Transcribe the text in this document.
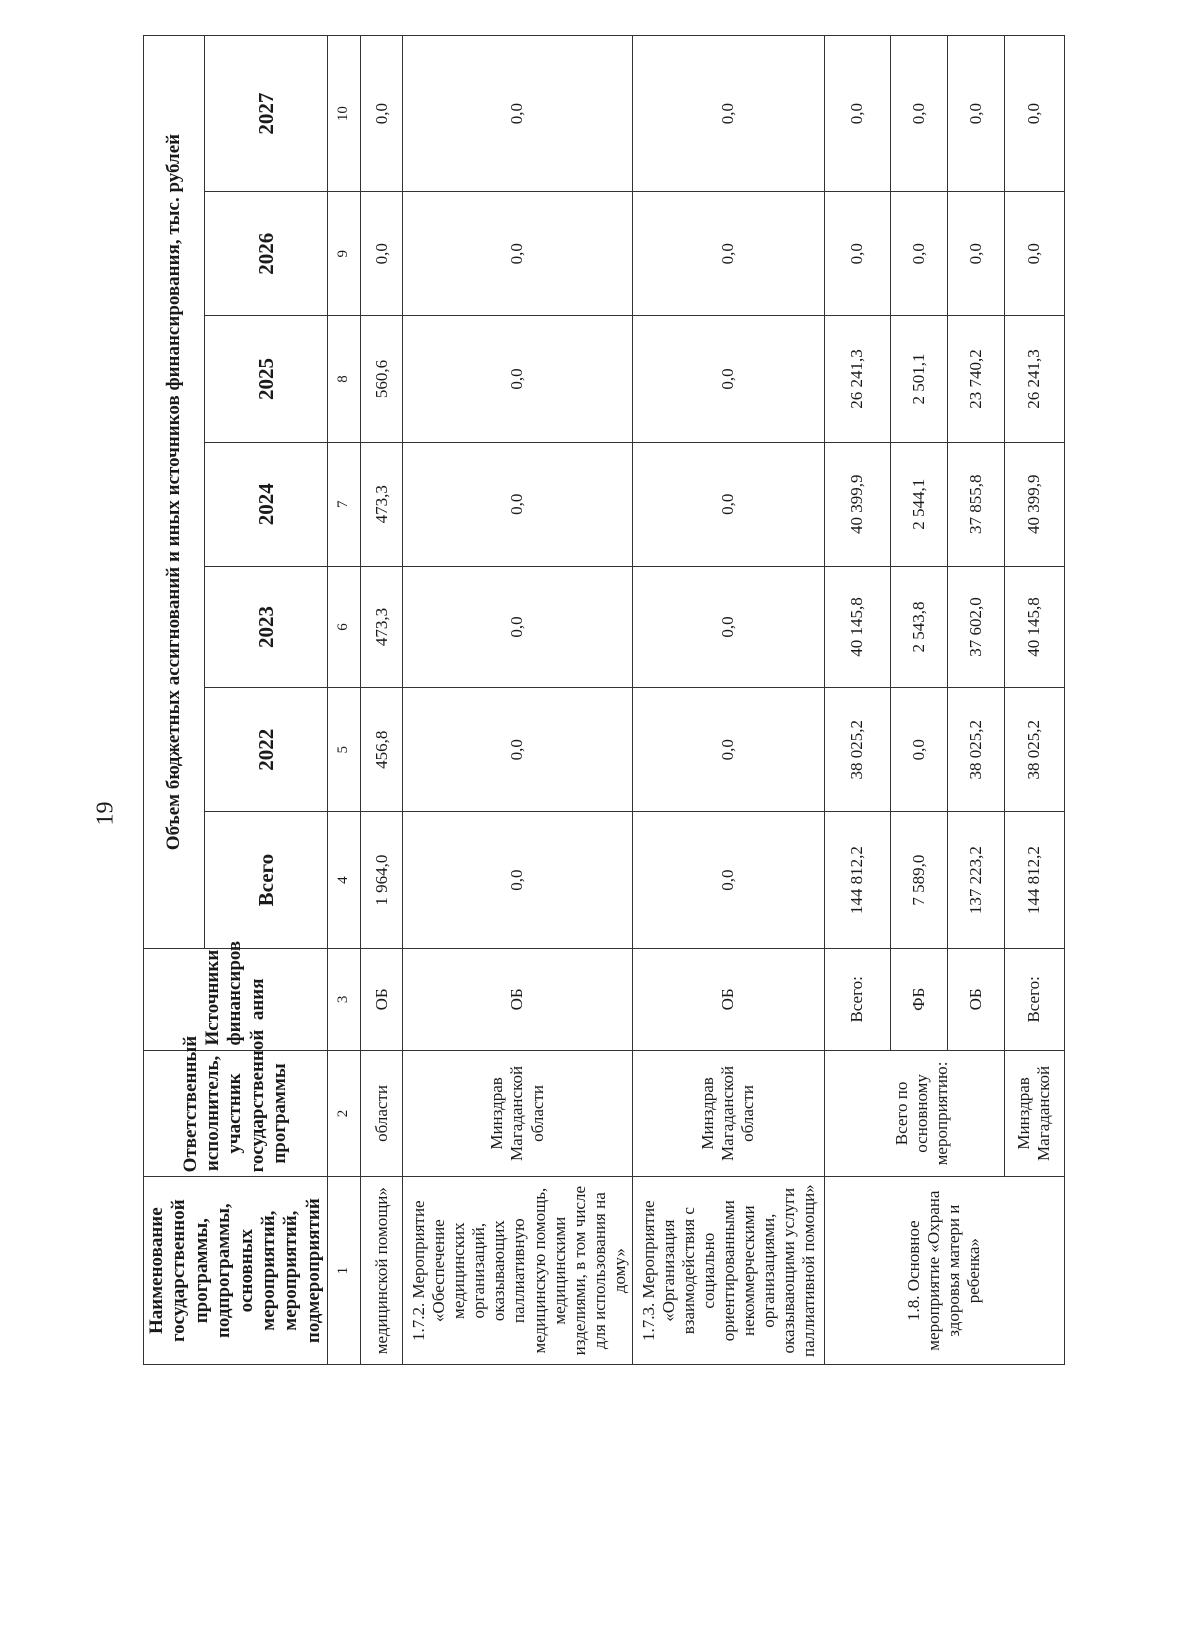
19
Наименование государственной программы, подпрограммы, основных мероприятий, мероприятий, подмероприятий	Ответственный исполнитель, участник государственной программы	Источники финансиров ания	Объем бюджетных ассигнований и иных источников финансирования, тыс. рублей						
			Всего	2022	2023	2024	2025	2026	2027
1	2	3	4	5	6	7	8	9	10
медицинской помощи»	области	ОБ	1 964,0	456,8	473,3	473,3	560,6	0,0	0,0
1.7.2. Мероприятие «Обеспечение медицинских организаций, оказывающих паллиативную медицинскую помощь, медицинскими изделиями, в том числе для использования на дому»	Минздрав Магаданской области	ОБ	0,0	0,0	0,0	0,0	0,0	0,0	0,0
1.7.3. Мероприятие «Организация взаимодействия с социально ориентированными некоммерческими организациями, оказывающими услуги паллиативной помощи»	Минздрав Магаданской области	ОБ	0,0	0,0	0,0	0,0	0,0	0,0	0,0
1.8. Основное мероприятие «Охрана здоровья матери и ребенка»		Всего:	144 812,2	38 025,2	40 145,8	40 399,9	26 241,3	0,0	0,0
	Всего по основному мероприятию:	ФБ	7 589,0	0,0	2 543,8	2 544,1	2 501,1	0,0	0,0
		ОБ	137 223,2	38 025,2	37 602,0	37 855,8	23 740,2	0,0	0,0
	Минздрав Магаданской	Всего:	144 812,2	38 025,2	40 145,8	40 399,9	26 241,3	0,0	0,0
